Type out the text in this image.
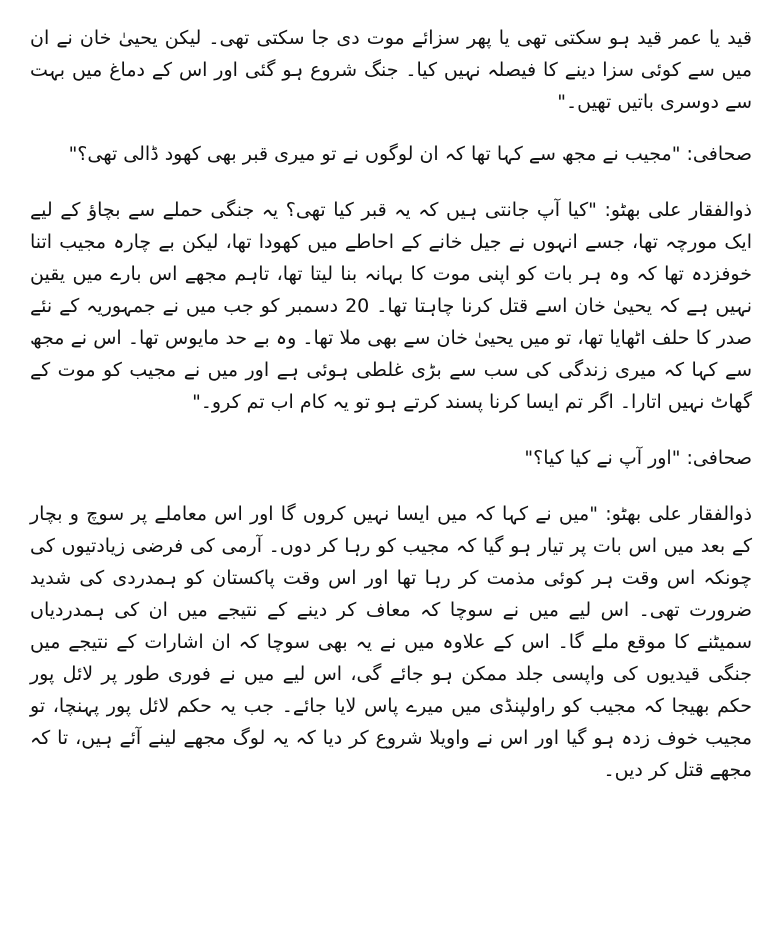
قید یا عمر قید ہو سکتی تھی یا پھر سزائے موت دی جا سکتی تھی۔ لیکن یحییٰ خان نے ان میں سے کوئی سزا دینے کا فیصلہ نہیں کیا۔ جنگ شروع ہو گئی اور اس کے دماغ میں بہت سے دوسری باتیں تھیں۔"

صحافی: "مجیب نے مجھ سے کہا تھا کہ ان لوگوں نے تو میری قبر بھی کھود ڈالی تھی؟"

ذوالفقار علی بھٹو: "کیا آپ جانتی ہیں کہ یہ قبر کیا تھی؟ یہ جنگی حملے سے بچاؤ کے لیے ایک مورچہ تھا، جسے انہوں نے جیل خانے کے احاطے میں کھودا تھا، لیکن بے چارہ مجیب اتنا خوفزدہ تھا کہ وہ ہر بات کو اپنی موت کا بہانہ بنا لیتا تھا، تاہم مجھے اس بارے میں یقین نہیں ہے کہ یحییٰ خان اسے قتل کرنا چاہتا تھا۔ 20 دسمبر کو جب میں نے جمہوریہ کے نئے صدر کا حلف اٹھایا تھا، تو میں یحییٰ خان سے بھی ملا تھا۔ وہ بے حد مایوس تھا۔ اس نے مجھ سے کہا کہ میری زندگی کی سب سے بڑی غلطی ہوئی ہے اور میں نے مجیب کو موت کے گھاٹ نہیں اتارا۔ اگر تم ایسا کرنا پسند کرتے ہو تو یہ کام اب تم کرو۔"

صحافی: "اور آپ نے کیا کیا؟"

ذوالفقار علی بھٹو: "میں نے کہا کہ میں ایسا نہیں کروں گا اور اس معاملے پر سوچ و بچار کے بعد میں اس بات پر تیار ہو گیا کہ مجیب کو رہا کر دوں۔ آرمی کی فرضی زیادتیوں کی چونکہ اس وقت ہر کوئی مذمت کر رہا تھا اور اس وقت پاکستان کو ہمدردی کی شدید ضرورت تھی۔ اس لیے میں نے سوچا کہ معاف کر دینے کے نتیجے میں ان کی ہمدردیاں سمیٹنے کا موقع ملے گا۔ اس کے علاوہ میں نے یہ بھی سوچا کہ ان اشارات کے نتیجے میں جنگی قیدیوں کی واپسی جلد ممکن ہو جائے گی، اس لیے میں نے فوری طور پر لائل پور حکم بھیجا کہ مجیب کو راولپنڈی میں میرے پاس لایا جائے۔ جب یہ حکم لائل پور پہنچا، تو مجیب خوف زدہ ہو گیا اور اس نے واویلا شروع کر دیا کہ یہ لوگ مجھے لینے آئے ہیں، تا کہ مجھے قتل کر دیں۔
